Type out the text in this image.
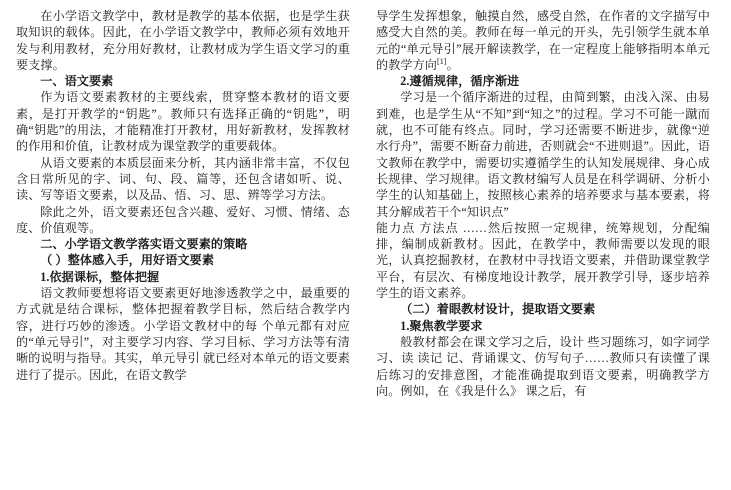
在小学语文教学中，教材是教学的基本依据，也是学生获取知识的载体。因此，在小学语文教学中，教师必须有效地开发与利用教材，充分用好教材，让教材成为学生语文学习的重要支撑。

一、语文要素

作为语文要素教材的主要线索，贯穿整本教材的语文要素，是打开教学的“钥匙”。教师只有选择正确的“钥匙”，明确“钥匙”的用法，才能精准打开教材，用好新教材，发挥教材的作用和价值，让教材成为课堂教学的重要载体。

从语文要素的本质层面来分析，其内涵非常丰富，不仅包含日常所见的字、词、句、段、篇等，还包含诸如听、说、读、写等语文要素，以及品、悟、习、思、辨等学习方法。

除此之外，语文要素还包含兴趣、爱好、习惯、情绪、态度、价值观等。

二、小学语文教学落实语文要素的策略

（ ）整体感入手，用好语文要素

1.依据课标，整体把握

语文教师要想将语文要素更好地渗透教学之中，最重要的方式就是结合课标，整体把握着教学目标，然后结合教学内容，进行巧妙的渗透。小学语文教材中的每 个单元都有对应的“单元导引”，对主要学习内容、学习目标、学习方法等有清晰的说明与指导。其实，单元导引 就已经对本单元的语文要素进行了提示。因此，在语文教学

导学生发挥想象，触摸自然，感受自然，在作者的文字描写中感受大自然的美。教师在每一单元的开头，先引领学生就本单元的“单元导引”展开解读教学，在一定程度上能够指明本单元的教学方向[1]。

2.遵循规律，循序渐进

学习是一个循序渐进的过程，由简到繁，由浅入深、由易到难，也是学生从“不知”到“知之”的过程。学习不可能一蹴而就，也不可能有终点。同时，学习还需要不断进步，就像“逆水行舟”，需要不断奋力前进，否则就会“不进则退”。因此，语文教师在教学中，需要切实遵循学生的认知发展规律、身心成长规律、学习规律。语文教材编写人员是在科学调研、分析小学生的认知基础上，按照核心素养的培养要求与基本要素，将其分解成若干个“知识点”

能力点 方法点 ……然后按照一定规律，统筹规划，分配编排，编制成新教材。因此，在教学中，教师需要以发现的眼光，认真挖掘教材，在教材中寻找语文要素，并借助课堂教学平台，有层次、有梯度地设计教学，展开教学引导，逐步培养学生的语文素养。

（二）着眼教材设计，提取语文要素

1.聚焦教学要求

般教材都会在课文学习之后，设计 些习题练习，如字词学习、读 读记 记、背诵课文、仿写句子……教师只有读懂了课后练习的安排意图，才能准确提取到语文要素，明确教学方向。例如，在《我是什么》 课之后，有
